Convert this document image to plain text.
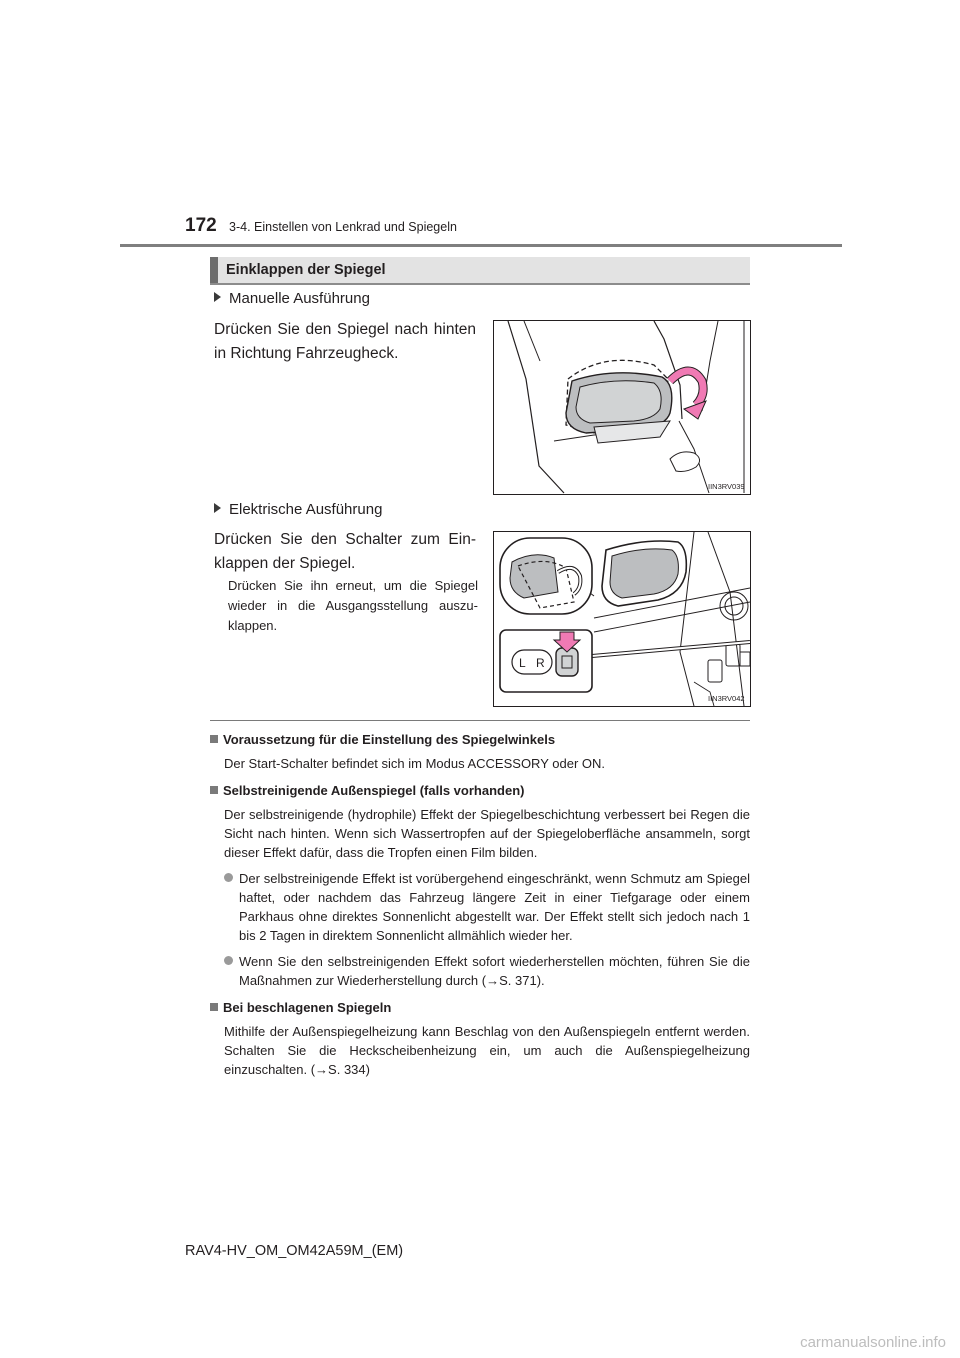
172 3-4. Einstellen von Lenkrad und Spiegeln
Einklappen der Spiegel
Manuelle Ausführung
Drücken Sie den Spiegel nach hinten in Richtung Fahrzeugheck.
IIN3RV039
Elektrische Ausführung
Drücken Sie den Schalter zum Einklappen der Spiegel.
Drücken Sie ihn erneut, um die Spiegel wieder in die Ausgangsstellung auszuklappen.
L R
IIN3RV042
Voraussetzung für die Einstellung des Spiegelwinkels
Der Start-Schalter befindet sich im Modus ACCESSORY oder ON.
Selbstreinigende Außenspiegel (falls vorhanden)
Der selbstreinigende (hydrophile) Effekt der Spiegelbeschichtung verbessert bei Regen die Sicht nach hinten. Wenn sich Wassertropfen auf der Spiegeloberfläche ansammeln, sorgt dieser Effekt dafür, dass die Tropfen einen Film bilden.
Der selbstreinigende Effekt ist vorübergehend eingeschränkt, wenn Schmutz am Spiegel haftet, oder nachdem das Fahrzeug längere Zeit in einer Tiefgarage oder einem Parkhaus ohne direktes Sonnenlicht abgestellt war. Der Effekt stellt sich jedoch nach 1 bis 2 Tagen in direktem Sonnenlicht allmählich wieder her.
Wenn Sie den selbstreinigenden Effekt sofort wiederherstellen möchten, führen Sie die Maßnahmen zur Wiederherstellung durch (→S. 371).
Bei beschlagenen Spiegeln
Mithilfe der Außenspiegelheizung kann Beschlag von den Außenspiegeln entfernt werden. Schalten Sie die Heckscheibenheizung ein, um auch die Außenspiegelheizung einzuschalten. (→S. 334)
RAV4-HV_OM_OM42A59M_(EM)
carmanualsonline.info
